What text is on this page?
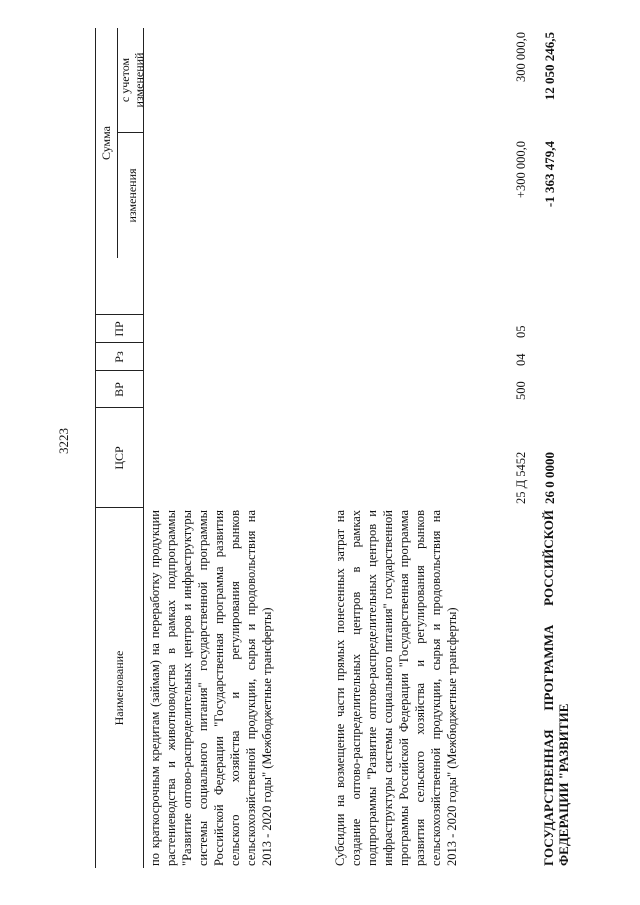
3223
Наименование
ЦСР
ВР
Рз
ПР
Сумма
изменения
с учетом изменений
по краткосрочным кредитам (займам) на переработку продукции растениеводства и животноводства в рамках подпрограммы "Развитие оптово-распределительных центров и инфраструктуры системы социального питания" государственной программы Российской Федерации "Государственная программа развития сельского хозяйства и регулирования рынков сельскохозяйственной продукции, сырья и продовольствия на 2013 - 2020 годы" (Межбюджетные трансферты)	Субсидии на возмещение части прямых понесенных затрат на создание оптово-распределительных центров в рамках подпрограммы "Развитие оптово-распределительных центров и инфраструктуры системы социального питания" государственной программы Российской Федерации "Государственная программа развития сельского хозяйства и регулирования рынков сельскохозяйственной продукции, сырья и продовольствия на 2013 - 2020 годы" (Межбюджетные трансферты)
25 Д 5452
500
04
05
+300 000,0
300 000,0
ГОСУДАРСТВЕННАЯ ПРОГРАММА РОССИЙСКОЙ ФЕДЕРАЦИИ "РАЗВИТИЕ
26 0 0000
-1 363 479,4
12 050 246,5
